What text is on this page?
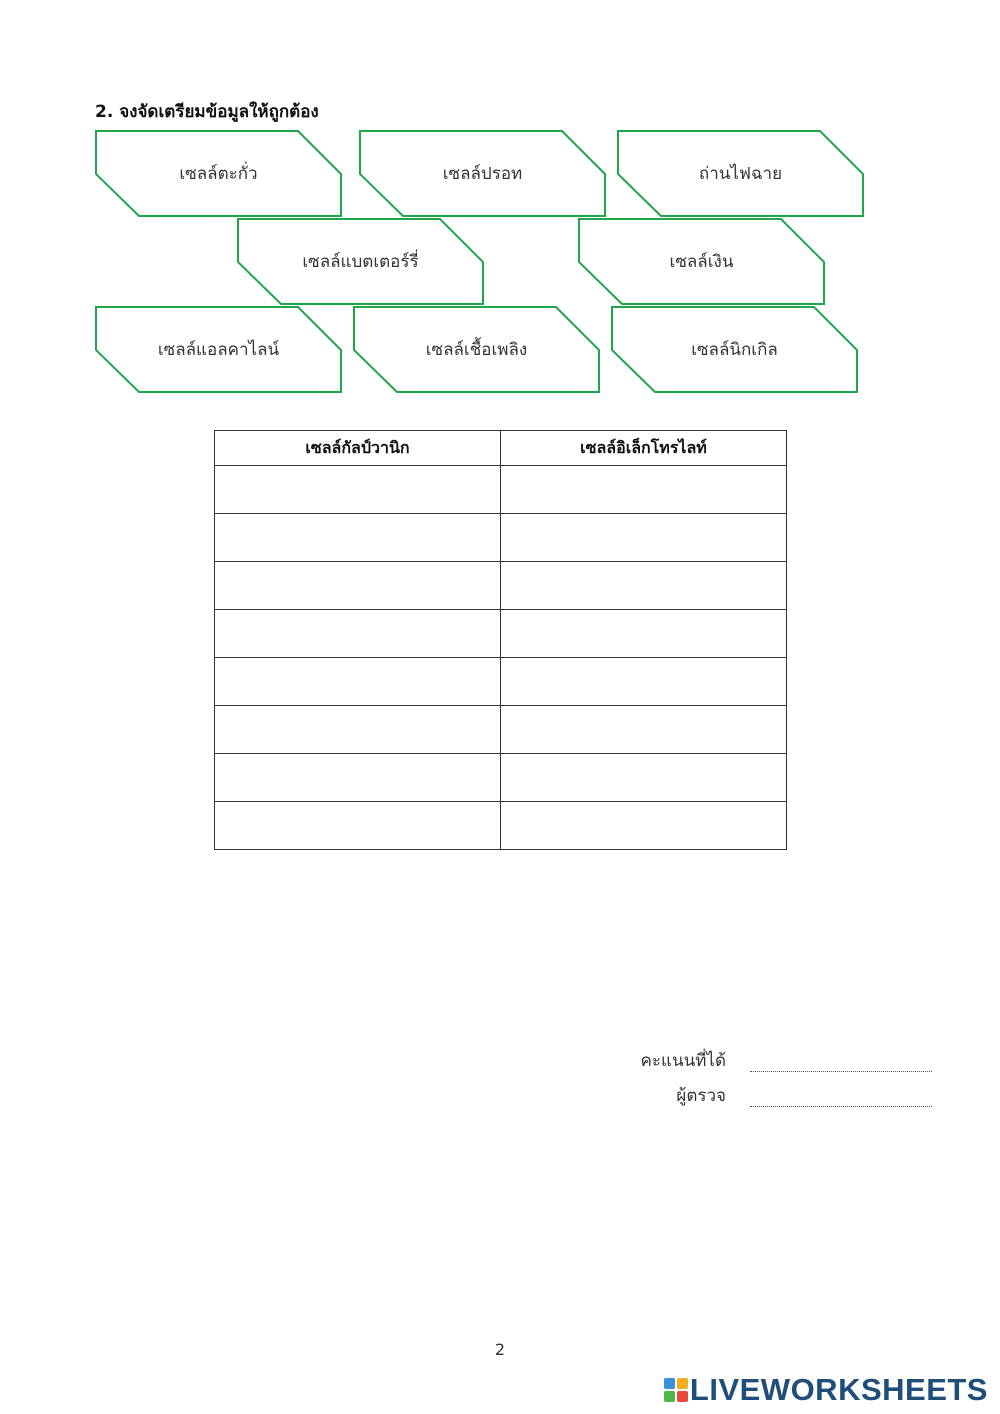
2. จงจัดเตรียมข้อมูลให้ถูกต้อง
เซลล์ตะกั่ว	เซลล์ปรอท	ถ่านไฟฉาย
เซลล์แบตเตอร์รี่	เซลล์เงิน
เซลล์แอลคาไลน์	เซลล์เชื้อเพลิง	เซลล์นิกเกิล
เซลล์กัลป์วานิก	เซลล์อิเล็กโทรไลท์

คะแนนที่ได้
ผู้ตรวจ
2
LIVEWORKSHEETS
